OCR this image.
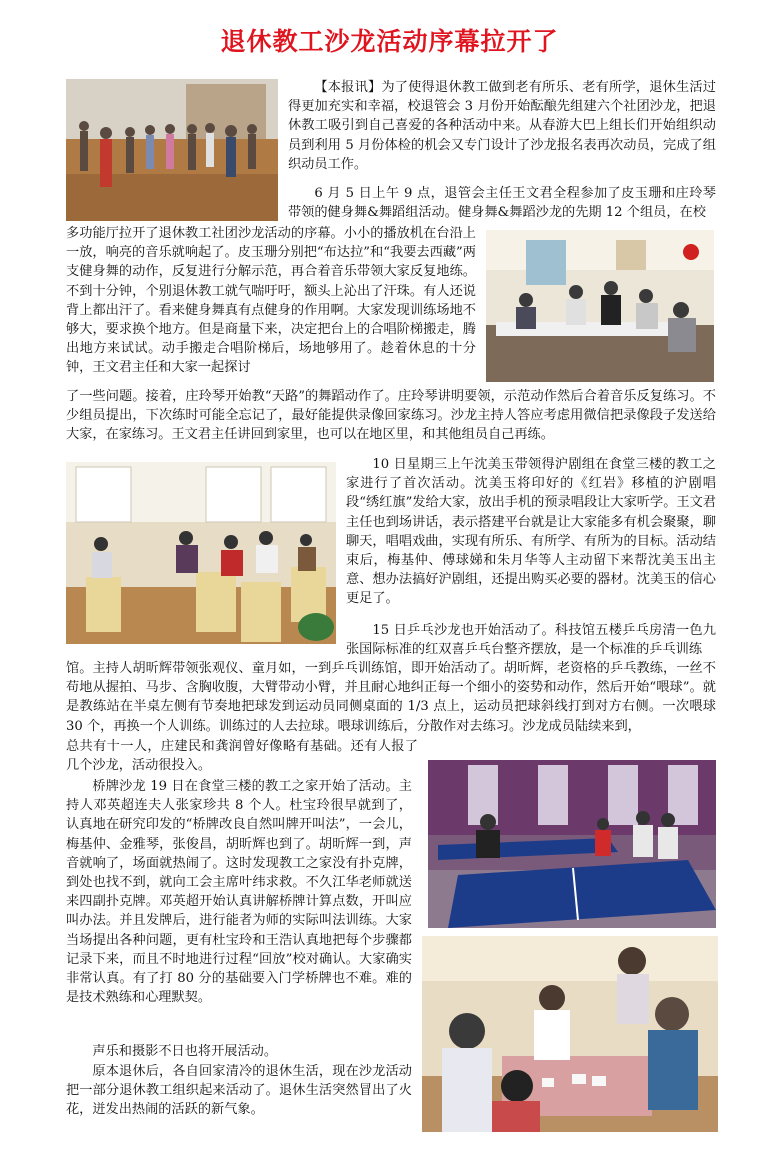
退休教工沙龙活动序幕拉开了

【本报讯】为了使得退休教工做到老有所乐、老有所学，退休生活过得更加充实和幸福，校退管会 3 月份开始酝酿先组建六个社团沙龙，把退休教工吸引到自己喜爱的各种活动中来。从春游大巴上组长们开始组织动员到利用 5 月份体检的机会又专门设计了沙龙报名表再次动员，完成了组织动员工作。

6 月 5 日上午 9 点，退管会主任王文君全程参加了皮玉珊和庄玲琴带领的健身舞&舞蹈组活动。健身舞&舞蹈沙龙的先期 12 个组员，在校

多功能厅拉开了退休教工社团沙龙活动的序幕。小小的播放机在台沿上一放，响亮的音乐就响起了。皮玉珊分别把“布达拉”和“我要去西藏”两支健身舞的动作，反复进行分解示范，再合着音乐带领大家反复地练。不到十分钟，个别退休教工就气喘吁吁，额头上沁出了汗珠。有人还说背上都出汗了。看来健身舞真有点健身的作用啊。大家发现训练场地不够大，要求换个地方。但是商量下来，决定把台上的合唱阶梯搬走，腾出地方来试试。动手搬走合唱阶梯后，场地够用了。趁着休息的十分钟，王文君主任和大家一起探讨

了一些问题。接着，庄玲琴开始教“天路”的舞蹈动作了。庄玲琴讲明要领，示范动作然后合着音乐反复练习。不少组员提出，下次练时可能全忘记了，最好能提供录像回家练习。沙龙主持人答应考虑用微信把录像段子发送给大家，在家练习。王文君主任讲回到家里，也可以在地区里，和其他组员自己再练。

10 日星期三上午沈美玉带领得沪剧组在食堂三楼的教工之家进行了首次活动。沈美玉将印好的《红岩》移植的沪剧唱段“绣红旗”发给大家，放出手机的预录唱段让大家听学。王文君主任也到场讲话，表示搭建平台就是让大家能多有机会聚聚，聊聊天，唱唱戏曲，实现有所乐、有所学、有所为的目标。活动结束后，梅基仲、傅球娣和朱月华等人主动留下来帮沈美玉出主意、想办法搞好沪剧组，还提出购买必要的器材。沈美玉的信心更足了。

15 日乒乓沙龙也开始活动了。科技馆五楼乒乓房清一色九张国际标准的红双喜乒乓台整齐摆放，是一个标准的乒乓训练

馆。主持人胡昕辉带领张观仪、童月如，一到乒乓训练馆，即开始活动了。胡昕辉，老资格的乒乓教练，一丝不苟地从握拍、马步、含胸收腹，大臂带动小臂，并且耐心地纠正每一个细小的姿势和动作，然后开始“喂球”。就是教练站在半桌左侧有节奏地把球发到运动员同侧桌面的 1/3 点上，运动员把球斜线打到对方右侧。一次喂球 30 个，再换一个人训练。训练过的人去拉球。喂球训练后，分散作对去练习。沙龙成员陆续来到，

总共有十一人，庄建民和龚润曾好像略有基础。还有人报了几个沙龙，活动很投入。

桥牌沙龙 19 日在食堂三楼的教工之家开始了活动。主持人邓英超连夫人张家珍共 8 个人。杜宝玲很早就到了，认真地在研究印发的“桥牌改良自然叫牌开叫法”，一会儿，梅基仲、金雅琴，张俊昌，胡昕辉也到了。胡昕辉一到，声音就响了，场面就热闹了。这时发现教工之家没有扑克牌，到处也找不到，就向工会主席叶纬求救。不久江华老师就送来四副扑克牌。邓英超开始认真讲解桥牌计算点数，开叫应叫办法。并且发牌后，进行能者为师的实际叫法训练。大家当场提出各种问题，更有杜宝玲和王浩认真地把每个步骤都记录下来，而且不时地进行过程“回放”校对确认。大家确实非常认真。有了打 80 分的基础要入门学桥牌也不难。难的是技术熟练和心理默契。

声乐和摄影不日也将开展活动。

原本退休后，各自回家清冷的退休生活，现在沙龙活动把一部分退休教工组织起来活动了。退休生活突然冒出了火花，迸发出热闹的活跃的新气象。
